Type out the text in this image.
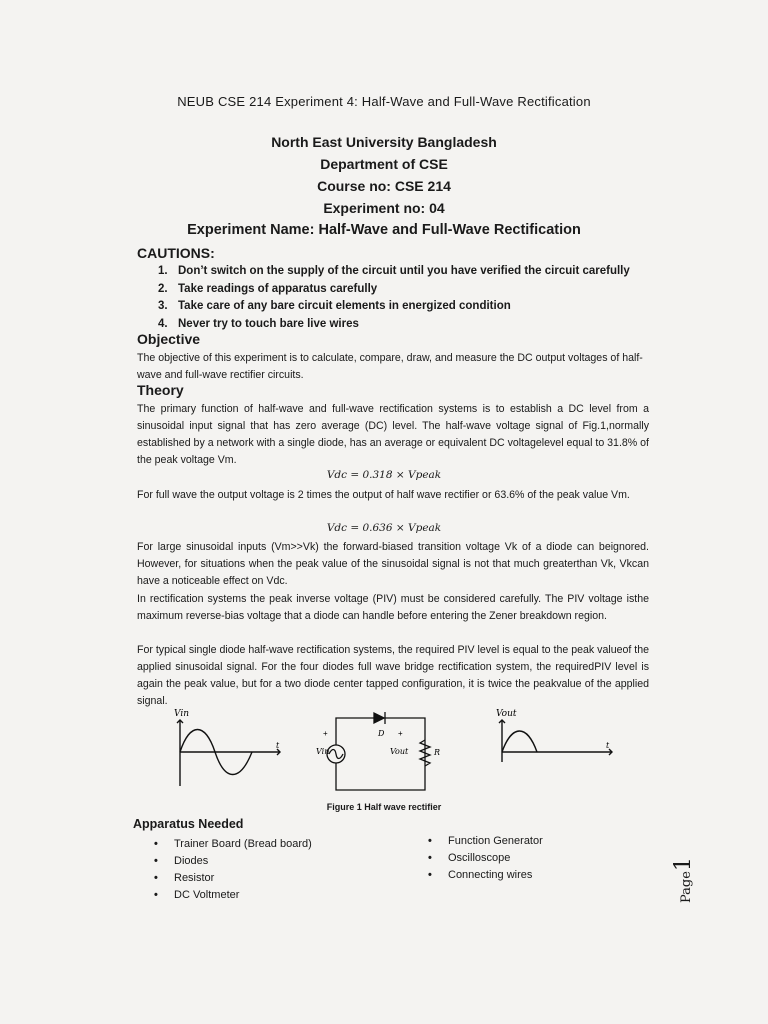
NEUB CSE 214 Experiment 4: Half-Wave and Full-Wave Rectification
North East University Bangladesh
Department of CSE
Course no: CSE 214
Experiment no: 04
Experiment Name: Half-Wave and Full-Wave Rectification
CAUTIONS:
1. Don’t switch on the supply of the circuit until you have verified the circuit carefully
2. Take readings of apparatus carefully
3. Take care of any bare circuit elements in energized condition
4. Never try to touch bare live wires
Objective
The objective of this experiment is to calculate, compare, draw, and measure the DC output voltages of half-wave and full-wave rectifier circuits.
Theory
The primary function of half-wave and full-wave rectification systems is to establish a DC level from a sinusoidal input signal that has zero average (DC) level. The half-wave voltage signal of Fig.1,normally established by a network with a single diode, has an average or equivalent DC voltagelevel equal to 31.8% of the peak voltage Vm.
Vdc = 0.318 × Vpeak
For full wave the output voltage is 2 times the output of half wave rectifier or 63.6% of the peak value Vm.
Vdc = 0.636 × Vpeak
For large sinusoidal inputs (Vm>>Vk) the forward-biased transition voltage Vk of a diode can beignored. However, for situations when the peak value of the sinusoidal signal is not that much greaterthan Vk, Vkcan have a noticeable effect on Vdc.
In rectification systems the peak inverse voltage (PIV) must be considered carefully. The PIV voltage isthe maximum reverse-bias voltage that a diode can handle before entering the Zener breakdown region.
For typical single diode half-wave rectification systems, the required PIV level is equal to the peak valueof the applied sinusoidal signal. For the four diodes full wave bridge rectification system, the requiredPIV level is again the peak value, but for a two diode center tapped configuration, it is twice the peakvalue of the applied signal.
Vin
t
Vin
+	D +
Vout	R
Vout
t
Figure 1 Half wave rectifier
Apparatus Needed
• Trainer Board (Bread board)
• Diodes
• Resistor
• DC Voltmeter
• Function Generator
• Oscilloscope
• Connecting wires	Page1
